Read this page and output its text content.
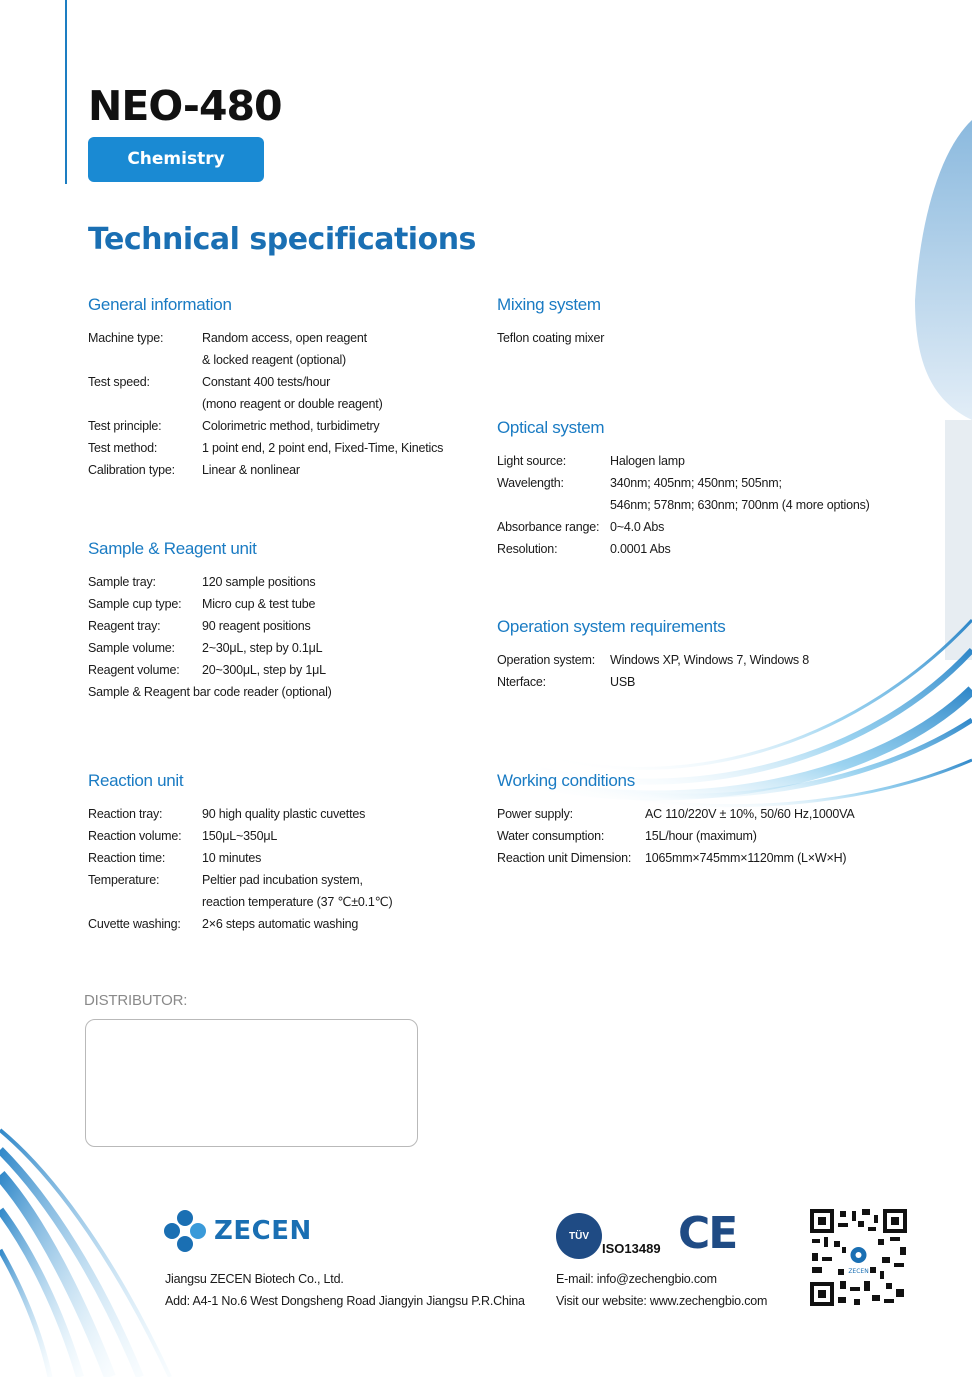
NEO-480
Chemistry Analyzer
Technical specifications
General information
Machine type:	Random access, open reagent
& locked reagent (optional)
Test speed:	Constant 400 tests/hour
(mono reagent or double reagent)
Test principle:	Colorimetric method, turbidimetry
Test method:	1 point end, 2 point end, Fixed-Time, Kinetics
Calibration type:	Linear & nonlinear
Sample & Reagent unit
Sample tray:	120 sample positions
Sample cup type:	Micro cup & test tube
Reagent tray:	90 reagent positions
Sample volume:	2~30μL, step by 0.1μL
Reagent volume:	20~300μL, step by 1μL
Sample & Reagent bar code reader (optional)
Reaction unit
Reaction tray:	90 high quality plastic cuvettes
Reaction volume:	150μL~350μL
Reaction time:	10 minutes
Temperature:	Peltier pad incubation system,
reaction temperature (37 ℃±0.1℃)
Cuvette washing:	2×6 steps automatic washing
Mixing system
Teflon coating mixer
Optical system
Light source:	Halogen lamp
Wavelength:	340nm; 405nm; 450nm; 505nm;
546nm; 578nm; 630nm; 700nm (4 more options)
Absorbance range: 0~4.0 Abs
Resolution:	0.0001 Abs
Operation system requirements
Operation system:	Windows XP, Windows 7, Windows 8
Nterface:	USB
Working conditions
Power supply:	AC 110/220V ± 10%, 50/60 Hz,1000VA
Water consumption:	15L/hour (maximum)
Reaction unit Dimension:	1065mm×745mm×1120mm (L×W×H)
DISTRIBUTOR:
ZECEN
Jiangsu ZECEN Biotech Co., Ltd.
Add: A4-1 No.6 West Dongsheng Road Jiangyin Jiangsu P.R.China
TÜV
ISO13489 CE
E-mail: info@zechengbio.com
Visit our website: www.zechengbio.com
ZECEN
